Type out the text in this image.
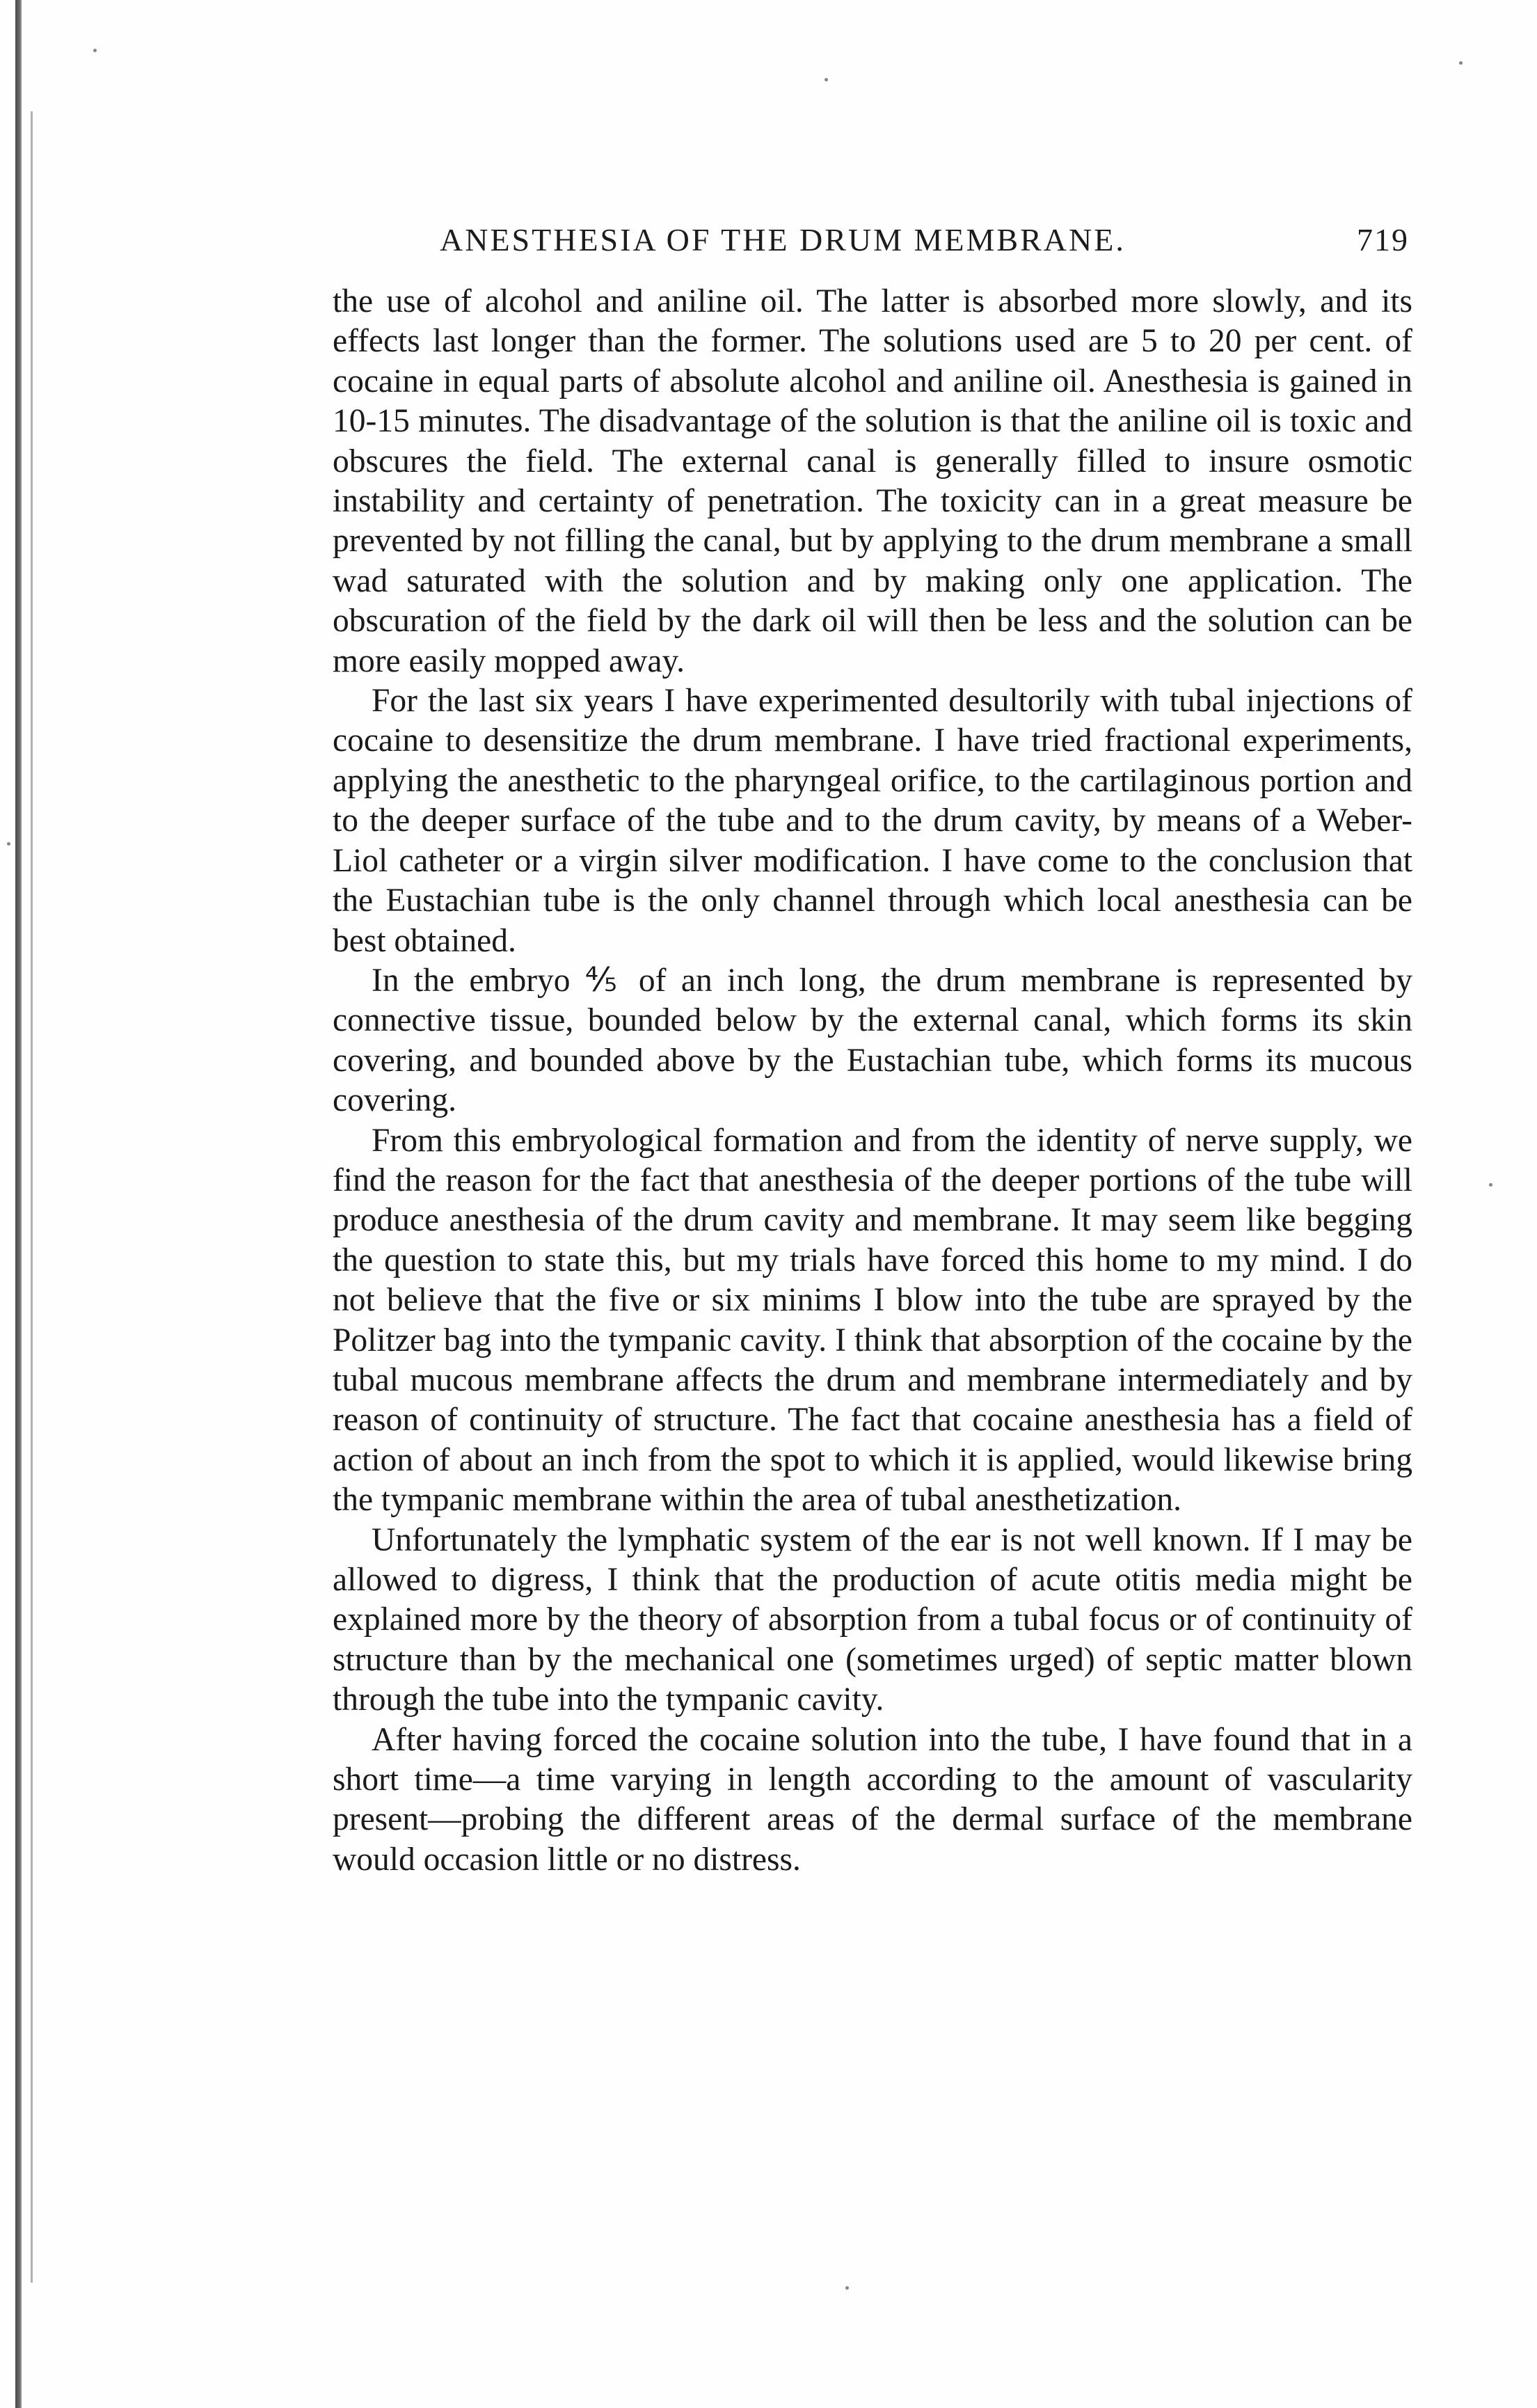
ANESTHESIA OF THE DRUM MEMBRANE.	719

the use of alcohol and aniline oil. The latter is absorbed more slowly, and its effects last longer than the former. The solutions used are 5 to 20 per cent. of cocaine in equal parts of absolute alcohol and aniline oil. Anesthesia is gained in 10-15 minutes. The disadvantage of the solution is that the aniline oil is toxic and obscures the field. The external canal is generally filled to insure osmotic instability and certainty of penetration. The toxicity can in a great measure be prevented by not filling the canal, but by applying to the drum membrane a small wad saturated with the solution and by making only one application. The obscuration of the field by the dark oil will then be less and the solution can be more easily mopped away.

For the last six years I have experimented desultorily with tubal injections of cocaine to desensitize the drum membrane. I have tried fractional experiments, applying the anesthetic to the pharyngeal orifice, to the cartilaginous portion and to the deeper surface of the tube and to the drum cavity, by means of a Weber-Liol catheter or a virgin silver modification. I have come to the conclusion that the Eustachian tube is the only channel through which local anesthesia can be best obtained.

In the embryo ⅘ of an inch long, the drum membrane is represented by connective tissue, bounded below by the external canal, which forms its skin covering, and bounded above by the Eustachian tube, which forms its mucous covering.

From this embryological formation and from the identity of nerve supply, we find the reason for the fact that anesthesia of the deeper portions of the tube will produce anesthesia of the drum cavity and membrane. It may seem like begging the question to state this, but my trials have forced this home to my mind. I do not believe that the five or six minims I blow into the tube are sprayed by the Politzer bag into the tympanic cavity. I think that absorption of the cocaine by the tubal mucous membrane affects the drum and membrane intermediately and by reason of continuity of structure. The fact that cocaine anesthesia has a field of action of about an inch from the spot to which it is applied, would likewise bring the tympanic membrane within the area of tubal anesthetization.

Unfortunately the lymphatic system of the ear is not well known. If I may be allowed to digress, I think that the production of acute otitis media might be explained more by the theory of absorption from a tubal focus or of continuity of structure than by the mechanical one (sometimes urged) of septic matter blown through the tube into the tympanic cavity.

After having forced the cocaine solution into the tube, I have found that in a short time—a time varying in length according to the amount of vascularity present—probing the different areas of the dermal surface of the membrane would occasion little or no distress.
